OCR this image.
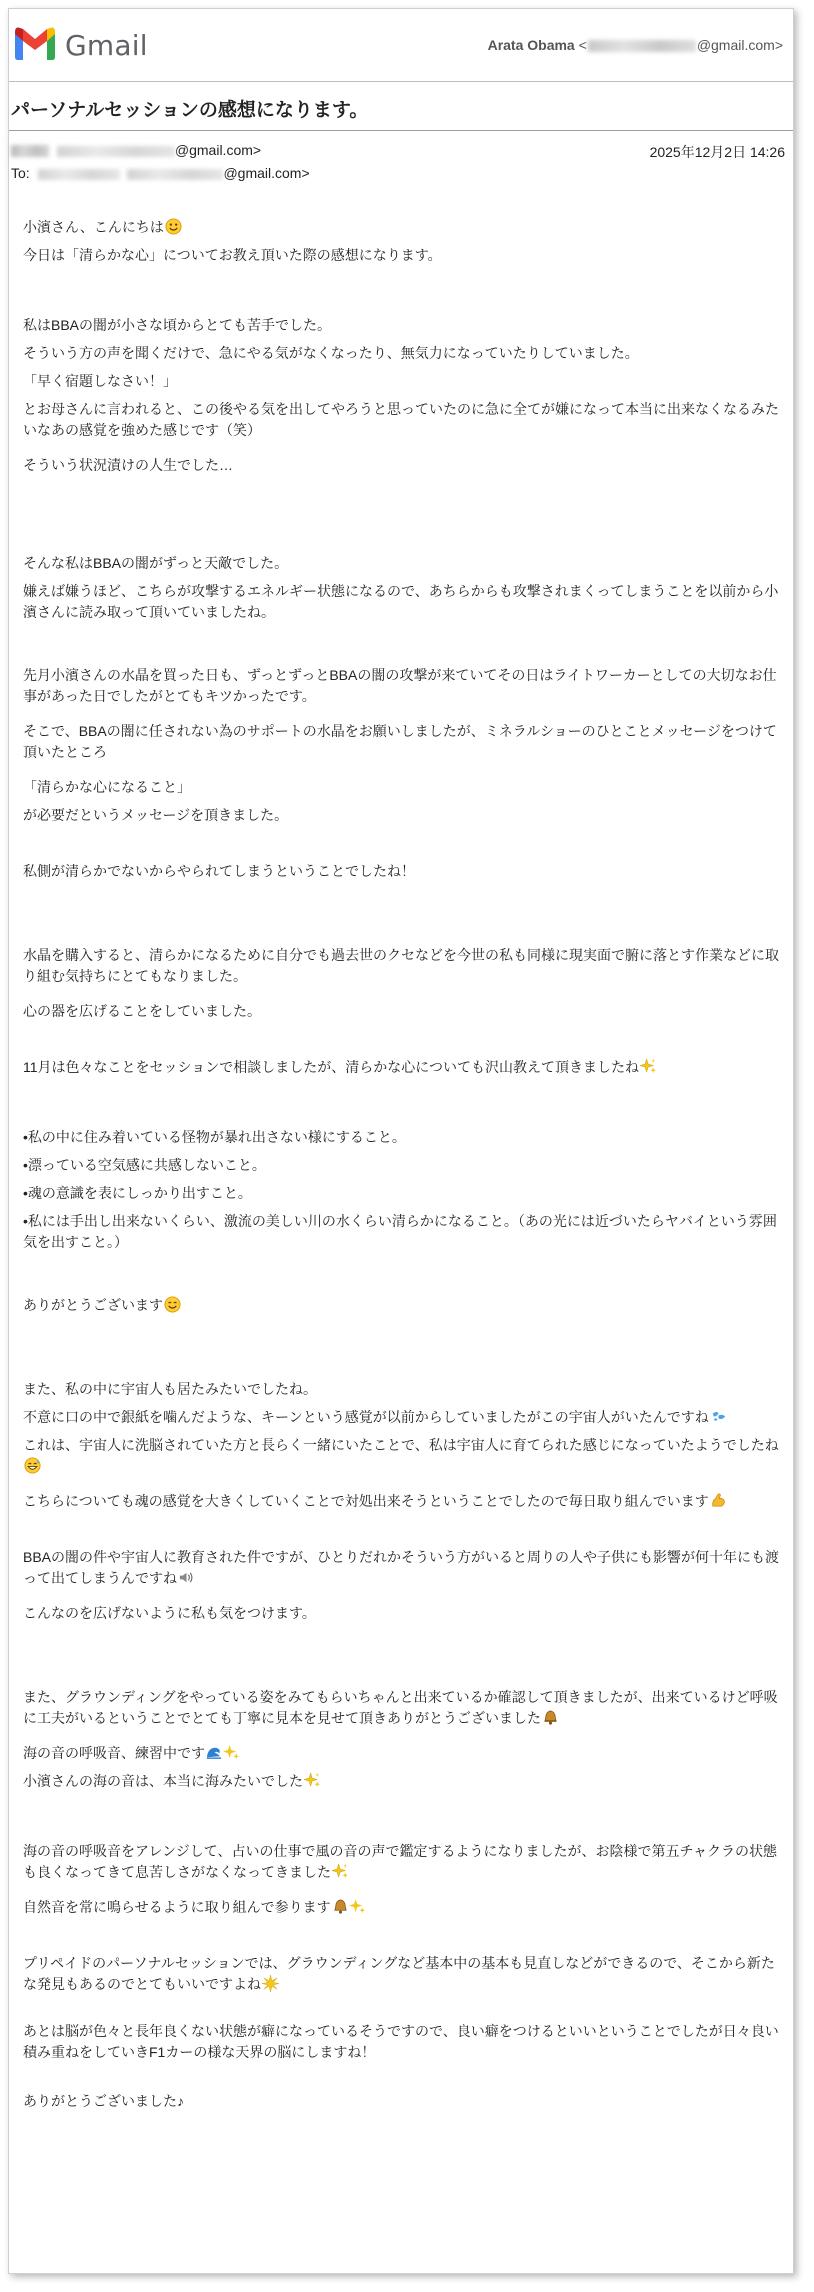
Gmail	Arata Obama <	@gmail.com>
パーソナルセッションの感想になります。
@gmail.com>
To:	@gmail.com>
2025年12月2日 14:26

小濱さん、こんにちは

今日は「清らかな心」についてお教え頂いた際の感想になります。

私はBBAの闇が小さな頃からとても苦手でした。

そういう方の声を聞くだけで、急にやる気がなくなったり、無気力になっていたりしていました。

「早く宿題しなさい！」

とお母さんに言われると、この後やる気を出してやろうと思っていたのに急に全てが嫌になって本当に出来なくなるみたいなあの感覚を強めた感じです（笑）

そういう状況漬けの人生でした…

そんな私はBBAの闇がずっと天敵でした。

嫌えば嫌うほど、こちらが攻撃するエネルギー状態になるので、あちらからも攻撃されまくってしまうことを以前から小濱さんに読み取って頂いていましたね。

先月小濱さんの水晶を買った日も、ずっとずっとBBAの闇の攻撃が来ていてその日はライトワーカーとしての大切なお仕事があった日でしたがとてもキツかったです。

そこで、BBAの闇に任されない為のサポートの水晶をお願いしましたが、ミネラルショーのひとことメッセージをつけて頂いたところ

「清らかな心になること」

が必要だというメッセージを頂きました。

私側が清らかでないからやられてしまうということでしたね！

水晶を購入すると、清らかになるために自分でも過去世のクセなどを今世の私も同様に現実面で腑に落とす作業などに取り組む気持ちにとてもなりました。

心の器を広げることをしていました。

11月は色々なことをセッションで相談しましたが、清らかな心についても沢山教えて頂きましたね

•私の中に住み着いている怪物が暴れ出さない様にすること。

•漂っている空気感に共感しないこと。

•魂の意識を表にしっかり出すこと。

•私には手出し出来ないくらい、激流の美しい川の水くらい清らかになること。（あの光には近づいたらヤバイという雰囲気を出すこと。）

ありがとうございます

また、私の中に宇宙人も居たみたいでしたね。

不意に口の中で銀紙を噛んだような、キーンという感覚が以前からしていましたがこの宇宙人がいたんですね

これは、宇宙人に洗脳されていた方と長らく一緒にいたことで、私は宇宙人に育てられた感じになっていたようでしたね

こちらについても魂の感覚を大きくしていくことで対処出来そうということでしたので毎日取り組んでいます

BBAの闇の件や宇宙人に教育された件ですが、ひとりだれかそういう方がいると周りの人や子供にも影響が何十年にも渡って出てしまうんですね

こんなのを広げないように私も気をつけます。

また、グラウンディングをやっている姿をみてもらいちゃんと出来ているか確認して頂きましたが、出来ているけど呼吸に工夫がいるということでとても丁寧に見本を見せて頂きありがとうございました

海の音の呼吸音、練習中です

小濱さんの海の音は、本当に海みたいでした

海の音の呼吸音をアレンジして、占いの仕事で風の音の声で鑑定するようになりましたが、お陰様で第五チャクラの状態も良くなってきて息苦しさがなくなってきました

自然音を常に鳴らせるように取り組んで参ります

プリペイドのパーソナルセッションでは、グラウンディングなど基本中の基本も見直しなどができるので、そこから新たな発見もあるのでとてもいいですよね

あとは脳が色々と長年良くない状態が癖になっているそうですので、良い癖をつけるといいということでしたが日々良い積み重ねをしていきF1カーの様な天界の脳にしますね！

ありがとうございました♪
